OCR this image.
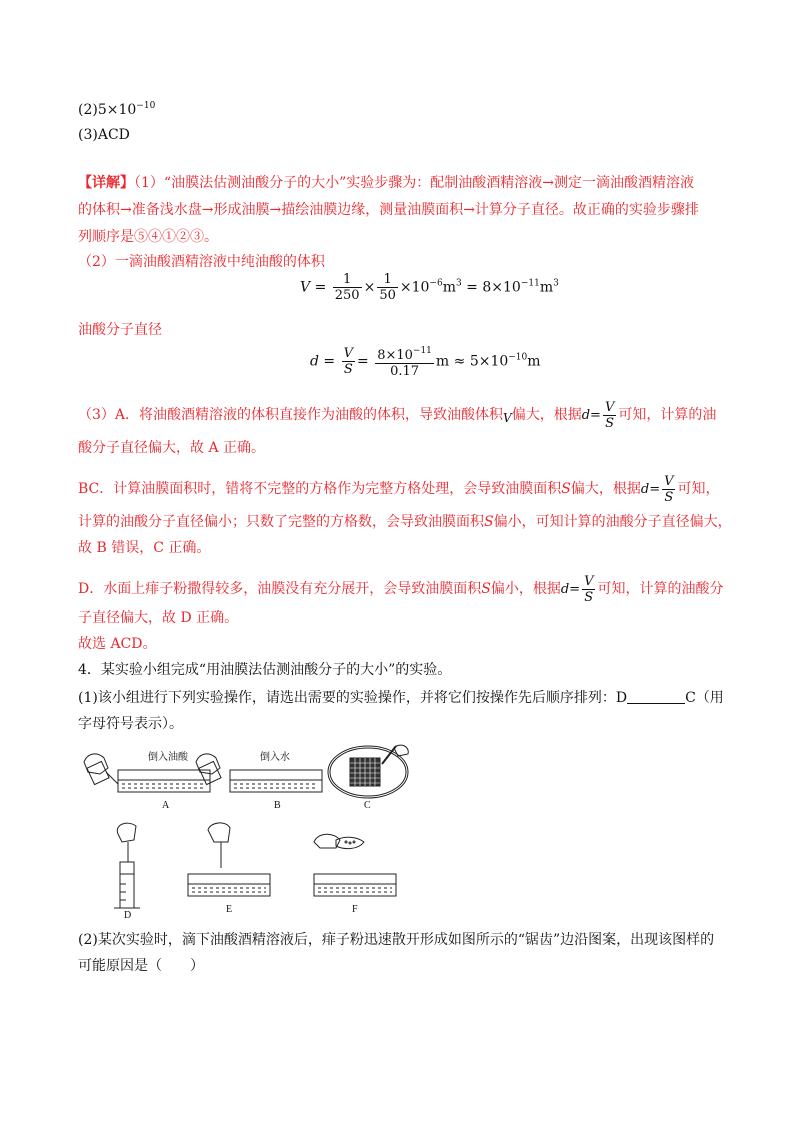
$(2)5\times 10^{-10}$
(3)ACD
【详解】（1）“油膜法估测油酸分子的大小”实验步骤为：配制油酸酒精溶液→测定一滴油酸酒精溶液
的体积→准备浅水盘→形成油膜→描绘油膜边缘，测量油膜面积→计算分子直径。故正确的实验步骤排
列顺序是⑤④①②③。
（2）一滴油酸酒精溶液中纯油酸的体积
$V = \frac{1}{250} \times \frac{1}{50} \times 10^{-6}m^3 = 8\times 10^{-11}m^3$
油酸分子直径
$d = \frac{V}{S} = \frac{8\times 10^{-11}}{0.17}$ $m \approx 5\times 10^{-10}m$
（3）A．将油酸酒精溶液的体积直接作为油酸的体积，导致油酸体积V偏大，根据$d= \frac{V}{S}$ 可知，计算的油
酸分子直径偏大，故 A 正确。
BC．计算油膜面积时，错将不完整的方格作为完整方格处理，会导致油膜面积S偏大，根据$d= \frac{V}{S}$ 可知，
计算的油酸分子直径偏小；只数了完整的方格数，会导致油膜面积S偏小，可知计算的油酸分子直径偏大，
故 B 错误，C 正确。
D．水面上痱子粉撒得较多，油膜没有充分展开，会导致油膜面积S偏小，根据$d= \frac{V}{S}$ 可知，计算的油酸分
子直径偏大，故 D 正确。
故选 ACD。
4．某实验小组完成“用油膜法估测油酸分子的大小”的实验。
(1)该小组进行下列实验操作，请选出需要的实验操作，并将它们按操作先后顺序排列：D	C（用
字母符号表示）。
倒入油酸	倒入水
A	B	C
D
E	F
(2)某次实验时，滴下油酸酒精溶液后，痱子粉迅速散开形成如图所示的“锯齿”边沿图案，出现该图样的
可能原因是（　　）
